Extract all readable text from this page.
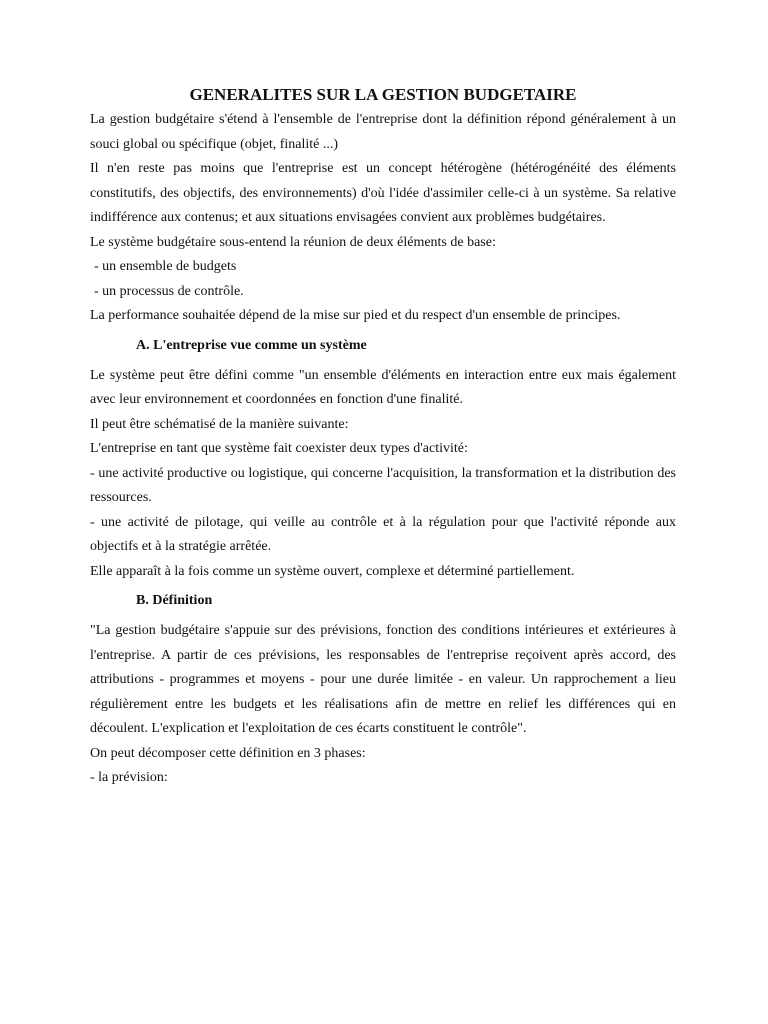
GENERALITES SUR LA GESTION BUDGETAIRE

La gestion budgétaire s'étend à l'ensemble de l'entreprise dont la définition répond généralement à un souci global ou spécifique (objet, finalité ...)

Il n'en reste pas moins que l'entreprise est un concept hétérogène (hétérogénéité des éléments constitutifs, des objectifs, des environnements) d'où l'idée d'assimiler celle-ci à un système. Sa relative indifférence aux contenus; et aux situations envisagées convient aux problèmes budgétaires.

Le système budgétaire sous-entend la réunion de deux éléments de base:

- un ensemble de budgets

- un processus de contrôle.

La performance souhaitée dépend de la mise sur pied et du respect d'un ensemble de principes.

A. L'entreprise vue comme un système

Le système peut être défini comme "un ensemble d'éléments en interaction entre eux mais également avec leur environnement et coordonnées en fonction d'une finalité.

Il peut être schématisé de la manière suivante:

L'entreprise en tant que système fait coexister deux types d'activité:

- une activité productive ou logistique, qui concerne l'acquisition, la transformation et la distribution des ressources.

- une activité de pilotage, qui veille au contrôle et à la régulation pour que l'activité réponde aux objectifs et à la stratégie arrêtée.

Elle apparaît à la fois comme un système ouvert, complexe et déterminé partiellement.

B. Définition

"La gestion budgétaire s'appuie sur des prévisions, fonction des conditions intérieures et extérieures à l'entreprise. A partir de ces prévisions, les responsables de l'entreprise reçoivent après accord, des attributions - programmes et moyens - pour une durée limitée - en valeur. Un rapprochement a lieu régulièrement entre les budgets et les réalisations afin de mettre en relief les différences qui en découlent. L'explication et l'exploitation de ces écarts constituent le contrôle".

On peut décomposer cette définition en 3 phases:

- la prévision:
